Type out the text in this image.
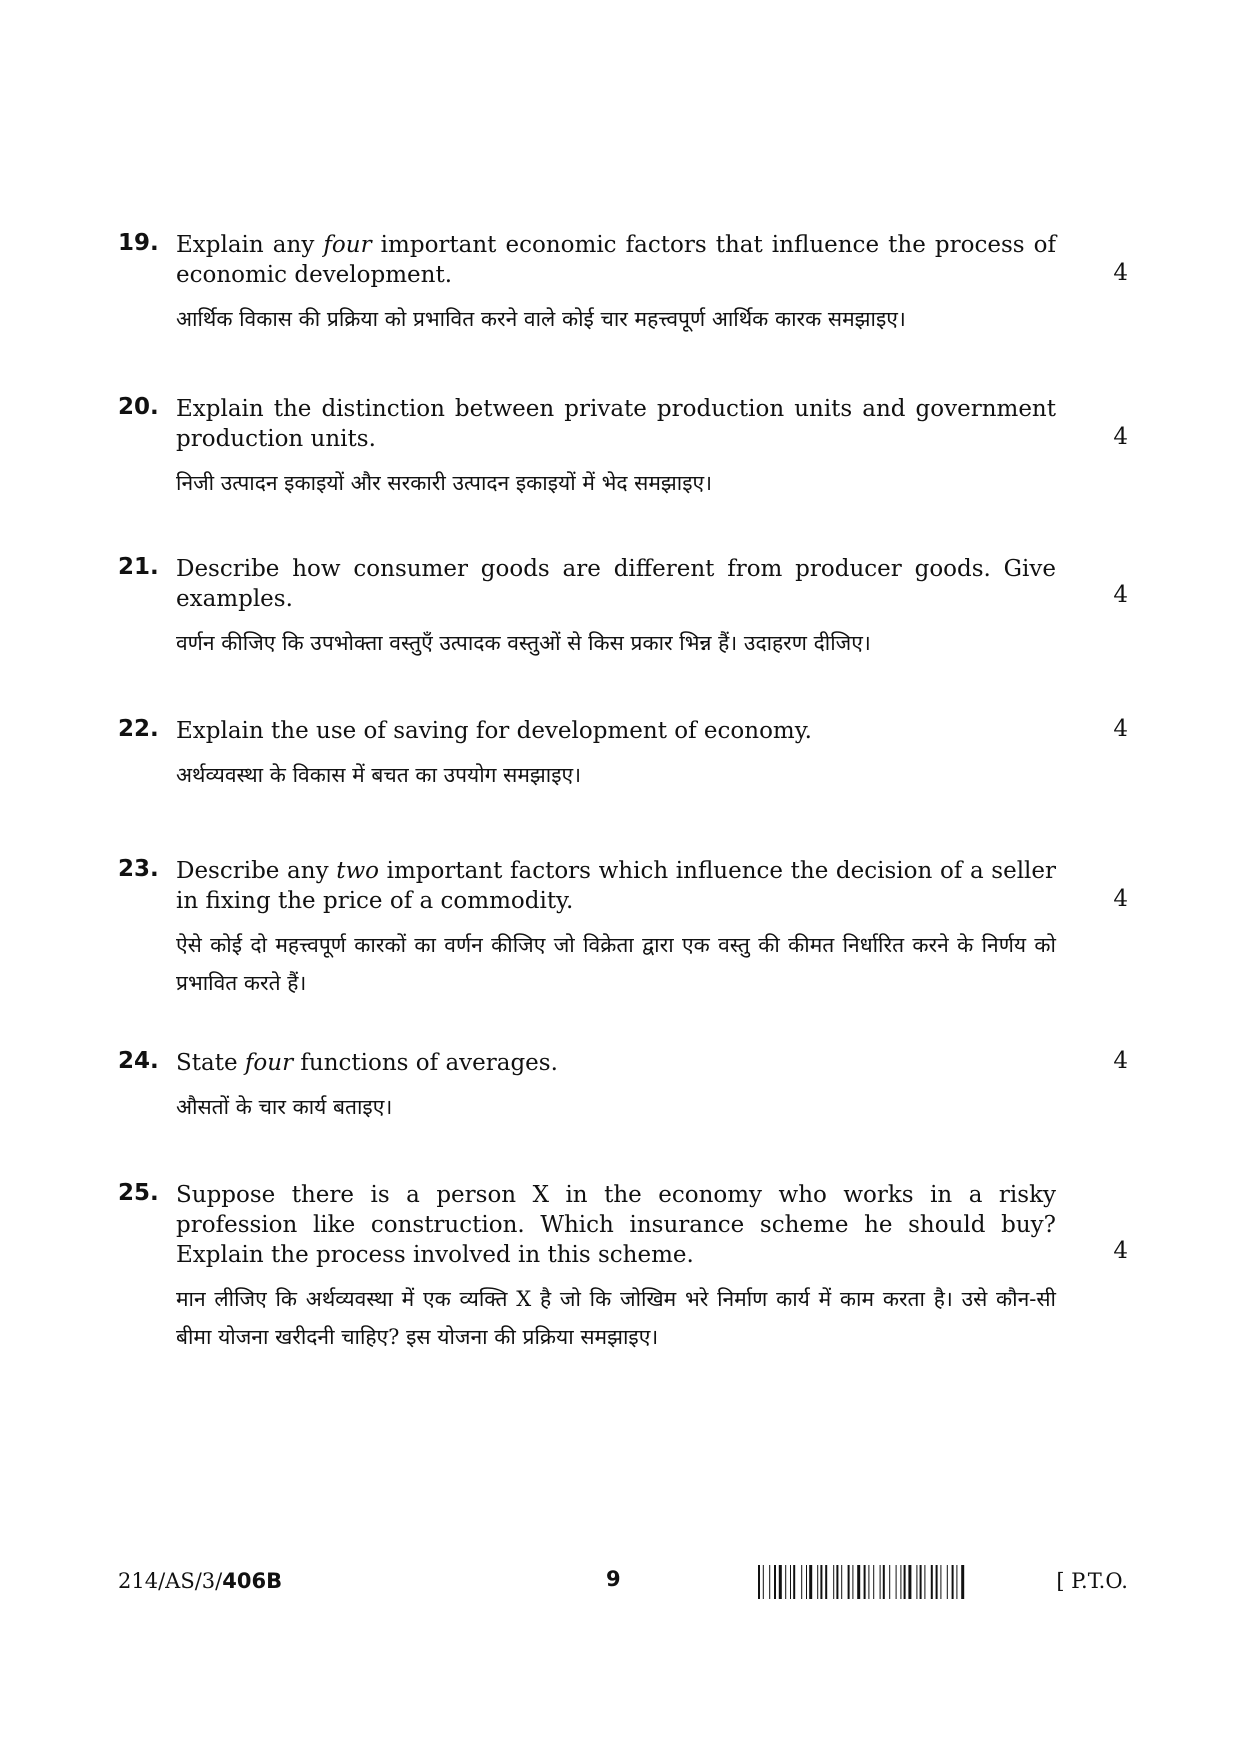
19. Explain any four important economic factors that influence the process of economic development.

आर्थिक विकास की प्रक्रिया को प्रभावित करने वाले कोई चार महत्त्वपूर्ण आर्थिक कारक समझाइए।

4
20. Explain the distinction between private production units and government production units.

निजी उत्पादन इकाइयों और सरकारी उत्पादन इकाइयों में भेद समझाइए।

4
21. Describe how consumer goods are different from producer goods. Give examples.

वर्णन कीजिए कि उपभोक्ता वस्तुएँ उत्पादक वस्तुओं से किस प्रकार भिन्न हैं। उदाहरण दीजिए।

4
22. Explain the use of saving for development of economy.

अर्थव्यवस्था के विकास में बचत का उपयोग समझाइए।

4
23. Describe any two important factors which influence the decision of a seller in fixing the price of a commodity.

ऐसे कोई दो महत्त्वपूर्ण कारकों का वर्णन कीजिए जो विक्रेता द्वारा एक वस्तु की कीमत निर्धारित करने के निर्णय को प्रभावित करते हैं।

4
24. State four functions of averages.

औसतों के चार कार्य बताइए।

4
25. Suppose there is a person X in the economy who works in a risky profession like construction. Which insurance scheme he should buy? Explain the process involved in this scheme.

मान लीजिए कि अर्थव्यवस्था में एक व्यक्ति X है जो कि जोखिम भरे निर्माण कार्य में काम करता है। उसे कौन-सी बीमा योजना खरीदनी चाहिए? इस योजना की प्रक्रिया समझाइए।

4
214/AS/3/406B	9	[ P.T.O.
